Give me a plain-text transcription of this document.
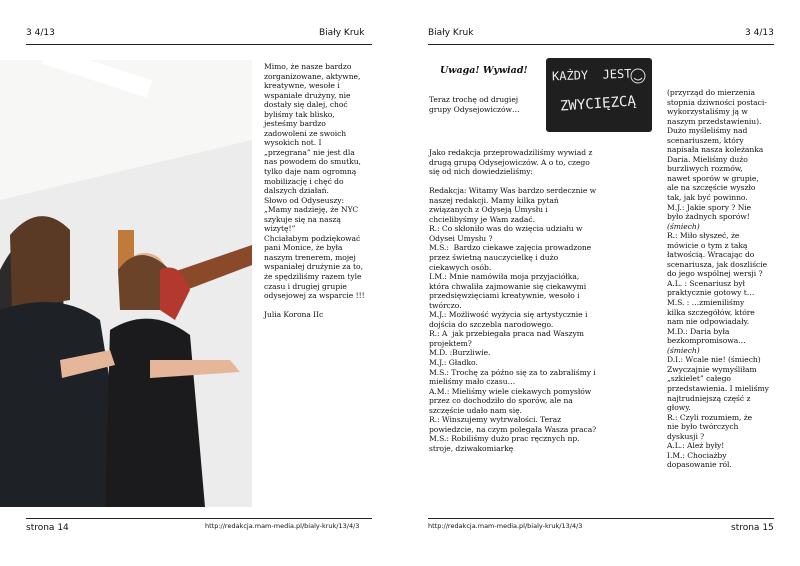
3 4/13	Biały Kruk
Mimo, że nasze bardzo
zorganizowane, aktywne,
kreatywne, wesołe i
wspaniałe drużyny, nie
dostały się dalej, choć
byliśmy tak blisko,
jesteśmy bardzo
zadowoleni ze swoich
wysokich not. I
„przegrana” nie jest dla
nas powodem do smutku,
tylko daje nam ogromną
mobilizację i chęć do
dalszych działań.
Słowo od Odyseuszy:
„Mamy nadzieję, że NYC
szykuje się na naszą
wizytę!”
Chciałabym podziękować
pani Monice, że była
naszym trenerem, mojej
wspaniałej drużynie za to,
że spędziliśmy razem tyle
czasu i drugiej grupie
odysejowej za wsparcie !!!

Julia Korona IIc
strona 14	http://redakcja.mam-media.pl/bialy-kruk/13/4/3
Biały Kruk	3 4/13
Uwaga! Wywiad!
Teraz trochę od drugiej
grupy Odysejowiczów…
KAŻDY  JEST
ZWYCIĘZCĄ
Jako redakcja przeprowadziliśmy wywiad z
drugą grupą Odysejowiczów. A o to, czego
się od nich dowiedzieliśmy:

Redakcja: Witamy Was bardzo serdecznie w
naszej redakcji. Mamy kilka pytań
związanych z Odyseją Umysłu i
chcielibyśmy je Wam zadać.
R.: Co skłoniło was do wzięcia udziału w
Odysei Umysłu ?
M.S.:  Bardzo ciekawe zajęcia prowadzone
przez świetną nauczycielkę i dużo
ciekawych osób.
I.M.: Mnie namówiła moja przyjaciółka,
która chwaliła zajmowanie się ciekawymi
przedsięwzięciami kreatywnie, wesoło i
twórczo.
M.J.: Możliwość wyżycia się artystycznie i
dojścia do szczebla narodowego.
R.: A  jak przebiegała praca nad Waszym
projektem?
M.D. :Burzliwie.
M.J.: Gładko.
M.S.: Trochę za późno się za to zabraliśmy i
mieliśmy mało czasu…
A.M.: Mieliśmy wiele ciekawych pomysłów
przez co dochodziło do sporów, ale na
szczęście udało nam się.
R.: Winszujemy wytrwałości. Teraz
powiedzcie, na czym polegała Wasza praca?
M.S.: Robiliśmy dużo prac ręcznych np.
stroje, dziwakomiarkę
(przyrząd do mierzenia
stopnia dziwności postaci-
wykorzystaliśmy ją w
naszym przedstawieniu).
Dużo myśleliśmy nad
scenariuszem, który
napisała nasza koleżanka
Daria. Mieliśmy dużo
burzliwych rozmów,
nawet sporów w grupie,
ale na szczęście wyszło
tak, jak być powinno.
M.J.: Jakie spory ? Nie
było żadnych sporów!
(śmiech)
R.: Miło słyszeć, że
mówicie o tym z taką
łatwością. Wracając do
scenariusza, jak doszliście
do jego wspólnej wersji ?
A.L. : Scenariusz był
praktycznie gotowy t…
M.S. : …zmieniliśmy
kilka szczegółów, które
nam nie odpowiadały.
M.D.: Daria była
bezkompromisowa…
(śmiech)
D.I.: Wcale nie! (śmiech)
Zwyczajnie wymyśliłam
„szkielet” całego
przedstawienia. I mieliśmy
najtrudniejszą część z
głowy.
R.: Czyli rozumiem, że
nie było twórczych
dyskusji ?
A.L.: Ależ były!
I.M.: Chociażby
dopasowanie ról.
http://redakcja.mam-media.pl/bialy-kruk/13/4/3	strona 15
